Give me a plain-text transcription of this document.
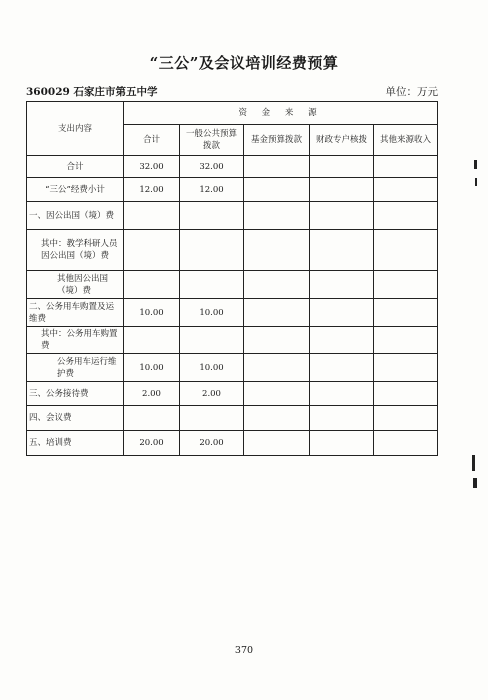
“三公”及会议培训经费预算
360029 石家庄市第五中学	单位：万元
支出内容	资 金 来 源				
	合计	一般公共预算拨款	基金预算拨款	财政专户核拨	其他来源收入
合计	32.00	32.00			
“三公”经费小计	12.00	12.00			
一、因公出国（境）费					
其中：教学科研人员因公出国（境）费					
其他因公出国（境）费					
二、公务用车购置及运维费	10.00	10.00			
其中：公务用车购置费					
公务用车运行维护费	10.00	10.00			
三、公务接待费	2.00	2.00			
四、会议费					
五、培训费	20.00	20.00			
370
